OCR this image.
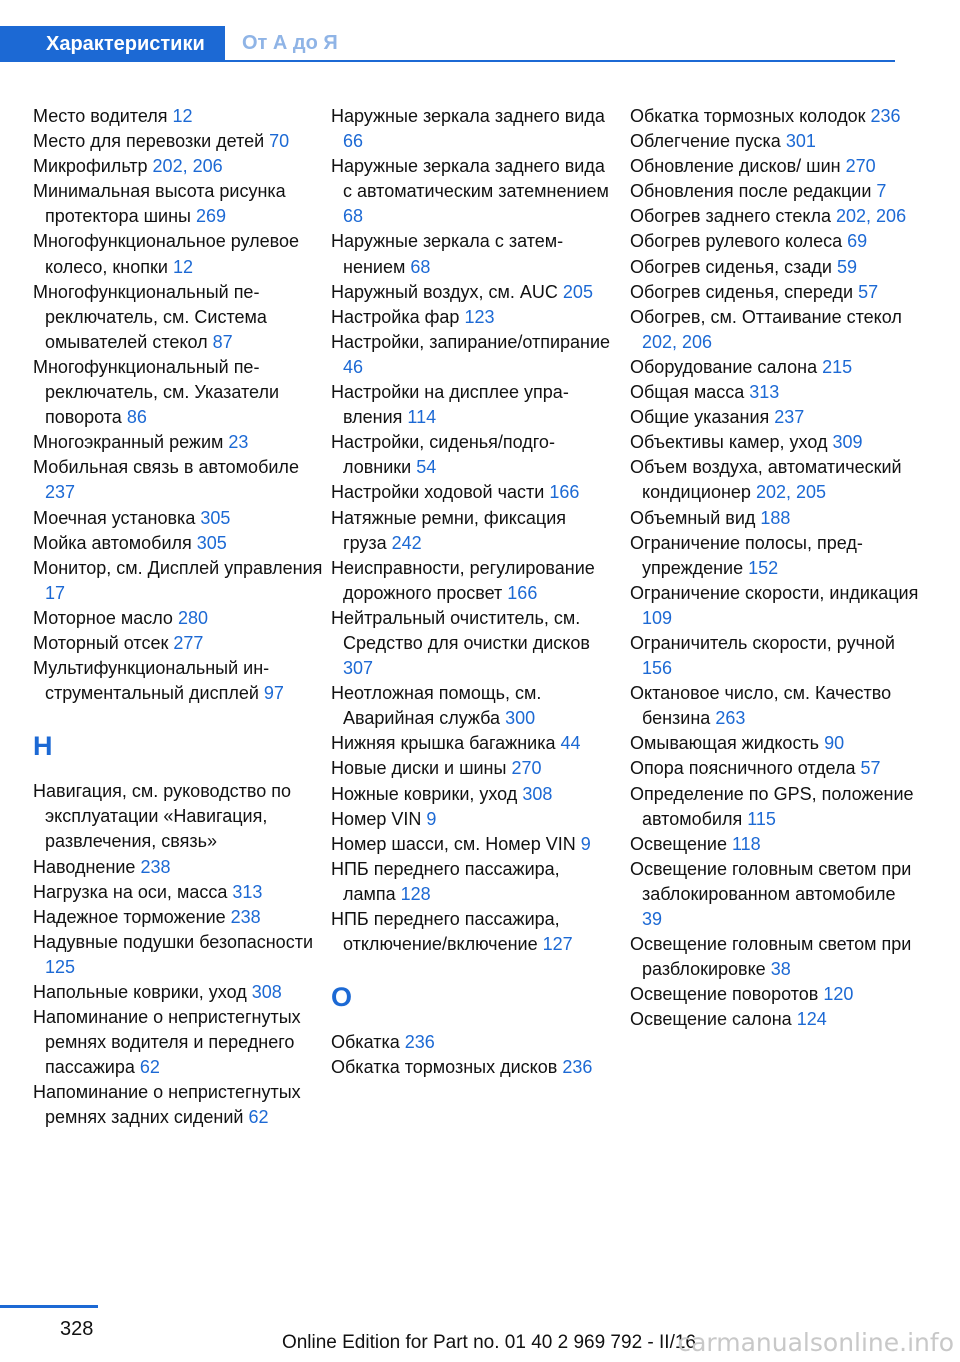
Характеристики	От А до Я
Место водителя 12
Место для перевозки детей 70
Микрофильтр 202, 206
Минимальная высота рисунка протектора шины 269
Многофункциональное рулевое колесо, кнопки 12
Многофункциональный переключатель, см. Система омывателей стекол 87
Многофункциональный переключатель, см. Указатели поворота 86
Многоэкранный режим 23
Мобильная связь в автомобиле 237
Моечная установка 305
Мойка автомобиля 305
Монитор, см. Дисплей управления 17
Моторное масло 280
Моторный отсек 277
Мультифункциональный инструментальный дисплей 97
Н
Навигация, см. руководство по эксплуатации «Навигация, развлечения, связь»
Наводнение 238
Нагрузка на оси, масса 313
Надежное торможение 238
Надувные подушки безопасности 125
Напольные коврики, уход 308
Напоминание о непристегнутых ремнях водителя и переднего пассажира 62
Напоминание о непристегнутых ремнях задних сидений 62
Наружные зеркала заднего вида 66
Наружные зеркала заднего вида с автоматическим затемнением 68
Наружные зеркала с затемнением 68
Наружный воздух, см. AUC 205
Настройка фар 123
Настройки, запирание/отпирание 46
Настройки на дисплее управления 114
Настройки, сиденья/подголовники 54
Настройки ходовой части 166
Натяжные ремни, фиксация груза 242
Неисправности, регулирование дорожного просвет 166
Нейтральный очиститель, см. Средство для очистки дисков 307
Неотложная помощь, см. Аварийная служба 300
Нижняя крышка багажника 44
Новые диски и шины 270
Ножные коврики, уход 308
Номер VIN 9
Номер шасси, см. Номер VIN 9
НПБ переднего пассажира, лампа 128
НПБ переднего пассажира, отключение/включение 127
О
Обкатка 236
Обкатка тормозных дисков 236
Обкатка тормозных колодок 236
Облегчение пуска 301
Обновление дисков/ шин 270
Обновления после редакции 7
Обогрев заднего стекла 202, 206
Обогрев рулевого колеса 69
Обогрев сиденья, сзади 59
Обогрев сиденья, спереди 57
Обогрев, см. Оттаивание стекол 202, 206
Оборудование салона 215
Общая масса 313
Общие указания 237
Объективы камер, уход 309
Объем воздуха, автоматический кондиционер 202, 205
Объемный вид 188
Ограничение полосы, предупреждение 152
Ограничение скорости, индикация 109
Ограничитель скорости, ручной 156
Октановое число, см. Качество бензина 263
Омывающая жидкость 90
Опора поясничного отдела 57
Определение по GPS, положение автомобиля 115
Освещение 118
Освещение головным светом при заблокированном автомобиле 39
Освещение головным светом при разблокировке 38
Освещение поворотов 120
Освещение салона 124
328
Online Edition for Part no. 01 40 2 969 792 - II/16
carmanualsonline.info
